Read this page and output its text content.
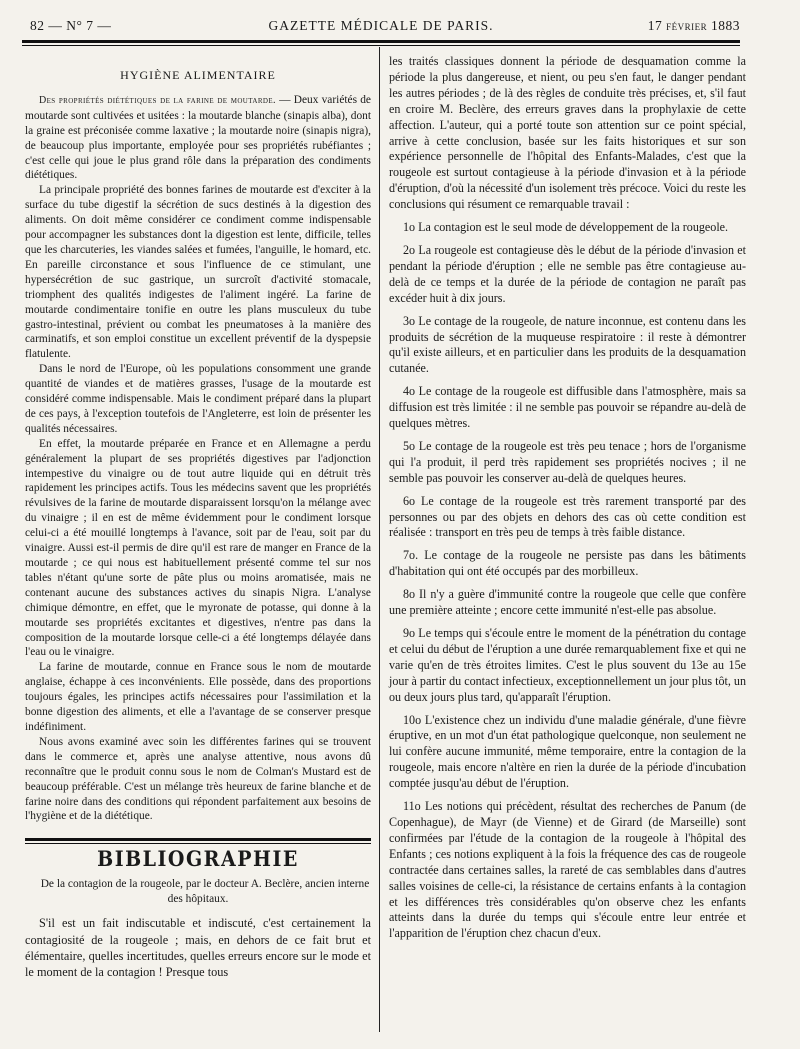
82 — N° 7 —	GAZETTE MÉDICALE DE PARIS.	17 FÉVRIER 1883
HYGIÈNE ALIMENTAIRE

Des propriétés diététiques de la farine de moutarde. — Deux variétés de moutarde sont cultivées et usitées : la moutarde blanche (sinapis alba), dont la graine est préconisée comme laxative ; la moutarde noire (sinapis nigra), de beaucoup plus importante, employée pour ses propriétés rubéfiantes ; c'est celle qui joue le plus grand rôle dans la préparation des condiments diététiques.

La principale propriété des bonnes farines de moutarde est d'exciter à la surface du tube digestif la sécrétion de sucs destinés à la digestion des aliments. On doit même considérer ce condiment comme indispensable pour accompagner les substances dont la digestion est lente, difficile, telles que les charcuteries, les viandes salées et fumées, l'anguille, le homard, etc. En pareille circonstance et sous l'influence de ce stimulant, une hypersécrétion de suc gastrique, un surcroît d'activité stomacale, triomphent des qualités indigestes de l'aliment ingéré. La farine de moutarde condimentaire tonifie en outre les plans musculeux du tube gastro-intestinal, prévient ou combat les pneumatoses à la manière des carminatifs, et son emploi constitue un excellent préventif de la dyspepsie flatulente.

Dans le nord de l'Europe, où les populations consomment une grande quantité de viandes et de matières grasses, l'usage de la moutarde est considéré comme indispensable. Mais le condiment préparé dans la plupart de ces pays, à l'exception toutefois de l'Angleterre, est loin de présenter les qualités nécessaires.

En effet, la moutarde préparée en France et en Allemagne a perdu généralement la plupart de ses propriétés digestives par l'adjonction intempestive du vinaigre ou de tout autre liquide qui en détruit très rapidement les principes actifs. Tous les médecins savent que les propriétés révulsives de la farine de moutarde disparaissent lorsqu'on la mélange avec du vinaigre ; il en est de même évidemment pour le condiment lorsque celui-ci a été mouillé longtemps à l'avance, soit par de l'eau, soit par du vinaigre. Aussi est-il permis de dire qu'il est rare de manger en France de la moutarde ; ce qui nous est habituellement présenté comme tel sur nos tables n'étant qu'une sorte de pâte plus ou moins aromatisée, mais ne contenant aucune des substances actives du sinapis Nigra. L'analyse chimique démontre, en effet, que le myronate de potasse, qui donne à la moutarde ses propriétés excitantes et digestives, n'entre pas dans la composition de la moutarde lorsque celle-ci a été longtemps délayée dans l'eau ou le vinaigre.

La farine de moutarde, connue en France sous le nom de moutarde anglaise, échappe à ces inconvénients. Elle possède, dans des proportions toujours égales, les principes actifs nécessaires pour l'assimilation et la bonne digestion des aliments, et elle a l'avantage de se conserver presque indéfiniment.

Nous avons examiné avec soin les différentes farines qui se trouvent dans le commerce et, après une analyse attentive, nous avons dû reconnaître que le produit connu sous le nom de Colman's Mustard est de beaucoup préférable. C'est un mélange très heureux de farine blanche et de farine noire dans des conditions qui répondent parfaitement aux besoins de l'hygiène et de la diététique.

BIBLIOGRAPHIE

De la contagion de la rougeole, par le docteur A. Beclère, ancien interne des hôpitaux.

S'il est un fait indiscutable et indiscuté, c'est certainement la contagiosité de la rougeole ; mais, en dehors de ce fait brut et élémentaire, quelles incertitudes, quelles erreurs encore sur le mode et le moment de la contagion ! Presque tous

les traités classiques donnent la période de desquamation comme la période la plus dangereuse, et nient, ou peu s'en faut, le danger pendant les autres périodes ; de là des règles de conduite très précises, et, s'il faut en croire M. Beclère, des erreurs graves dans la prophylaxie de cette affection. L'auteur, qui a porté toute son attention sur ce point spécial, arrive à cette conclusion, basée sur les faits historiques et sur son expérience personnelle de l'hôpital des Enfants-Malades, c'est que la rougeole est surtout contagieuse à la période d'invasion et à la période d'éruption, d'où la nécessité d'un isolement très précoce. Voici du reste les conclusions qui résument ce remarquable travail :

1o La contagion est le seul mode de développement de la rougeole.

2o La rougeole est contagieuse dès le début de la période d'invasion et pendant la période d'éruption ; elle ne semble pas être contagieuse au-delà de ce temps et la durée de la période de contagion ne paraît pas excéder huit à dix jours.

3o Le contage de la rougeole, de nature inconnue, est contenu dans les produits de sécrétion de la muqueuse respiratoire : il reste à démontrer qu'il existe ailleurs, et en particulier dans les produits de la desquamation cutanée.

4o Le contage de la rougeole est diffusible dans l'atmosphère, mais sa diffusion est très limitée : il ne semble pas pouvoir se répandre au-delà de quelques mètres.

5o Le contage de la rougeole est très peu tenace ; hors de l'organisme qui l'a produit, il perd très rapidement ses propriétés nocives ; il ne semble pas pouvoir les conserver au-delà de quelques heures.

6o Le contage de la rougeole est très rarement transporté par des personnes ou par des objets en dehors des cas où cette condition est réalisée : transport en très peu de temps à très faible distance.

7o. Le contage de la rougeole ne persiste pas dans les bâtiments d'habitation qui ont été occupés par des morbilleux.

8o Il n'y a guère d'immunité contre la rougeole que celle que confère une première atteinte ; encore cette immunité n'est-elle pas absolue.

9o Le temps qui s'écoule entre le moment de la pénétration du contage et celui du début de l'éruption a une durée remarquablement fixe et qui ne varie qu'en de très étroites limites. C'est le plus souvent du 13e au 15e jour à partir du contact infectieux, exceptionnellement un jour plus tôt, un ou deux jours plus tard, qu'apparaît l'éruption.

10o L'existence chez un individu d'une maladie générale, d'une fièvre éruptive, en un mot d'un état pathologique quelconque, non seulement ne lui confère aucune immunité, même temporaire, entre la contagion de la rougeole, mais encore n'altère en rien la durée de la période d'incubation comptée jusqu'au début de l'éruption.

11o Les notions qui précèdent, résultat des recherches de Panum (de Copenhague), de Mayr (de Vienne) et de Girard (de Marseille) sont confirmées par l'étude de la contagion de la rougeole à l'hôpital des Enfants ; ces notions expliquent à la fois la fréquence des cas de rougeole contractée dans certaines salles, la rareté de cas semblables dans d'autres salles voisines de celle-ci, la résistance de certains enfants à la contagion et les différences très considérables qu'on observe chez les enfants atteints dans la durée du temps qui s'écoule entre leur entrée et l'apparition de l'éruption chez chacun d'eux.
